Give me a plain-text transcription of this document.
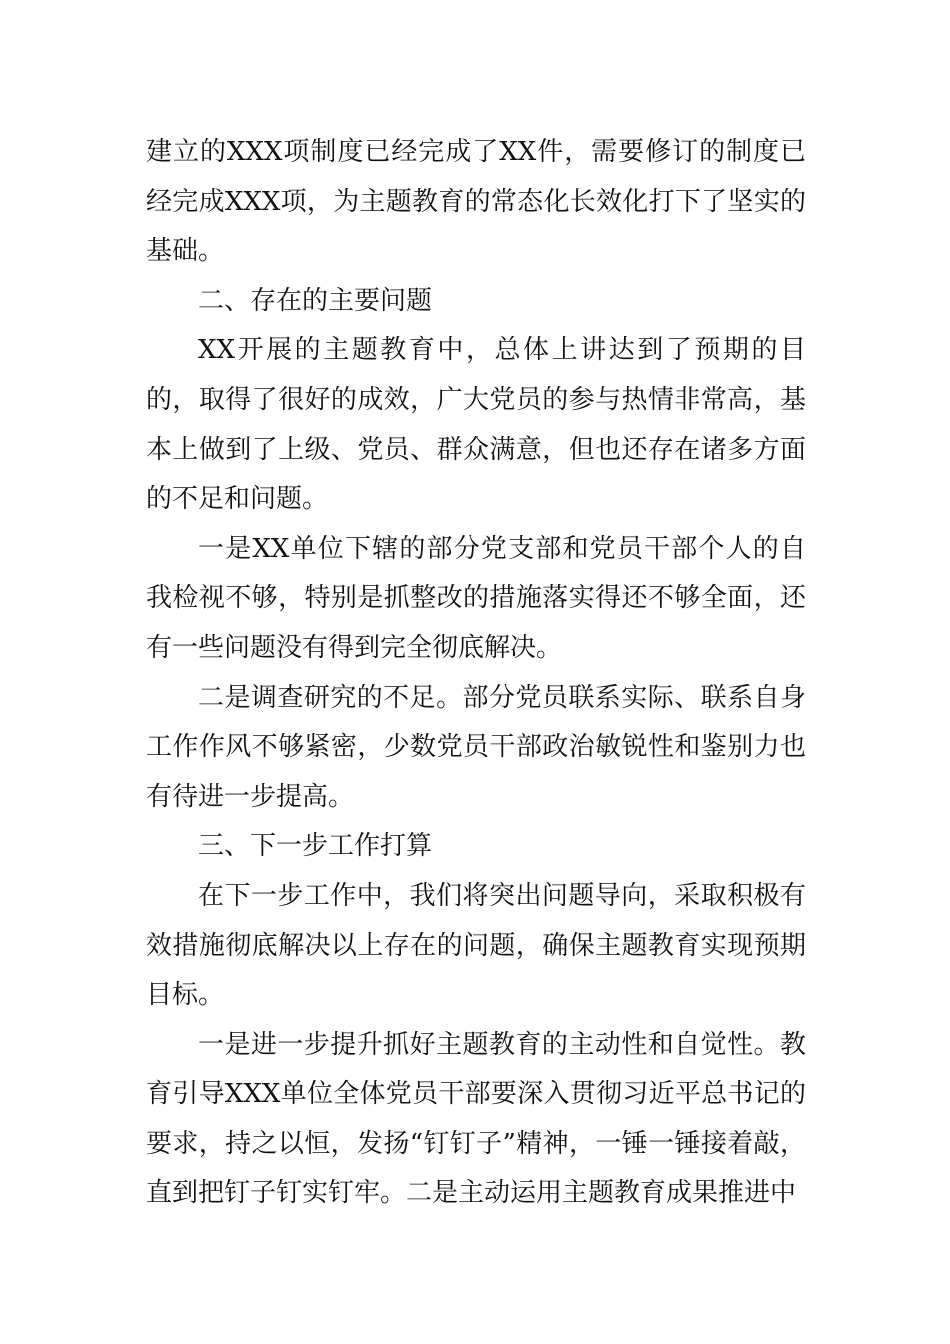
建立的XXX项制度已经完成了XX件，需要修订的制度已经完成XXX项，为主题教育的常态化长效化打下了坚实的基础。

二、存在的主要问题

XX开展的主题教育中，总体上讲达到了预期的目的，取得了很好的成效，广大党员的参与热情非常高，基本上做到了上级、党员、群众满意，但也还存在诸多方面的不足和问题。

一是XX单位下辖的部分党支部和党员干部个人的自我检视不够，特别是抓整改的措施落实得还不够全面，还有一些问题没有得到完全彻底解决。

二是调查研究的不足。部分党员联系实际、联系自身工作作风不够紧密，少数党员干部政治敏锐性和鉴别力也有待进一步提高。

三、下一步工作打算

在下一步工作中，我们将突出问题导向，采取积极有效措施彻底解决以上存在的问题，确保主题教育实现预期目标。

一是进一步提升抓好主题教育的主动性和自觉性。教育引导XXX单位全体党员干部要深入贯彻习近平总书记的要求，持之以恒，发扬“钉钉子”精神，一锤一锤接着敲，直到把钉子钉实钉牢。二是主动运用主题教育成果推进中
